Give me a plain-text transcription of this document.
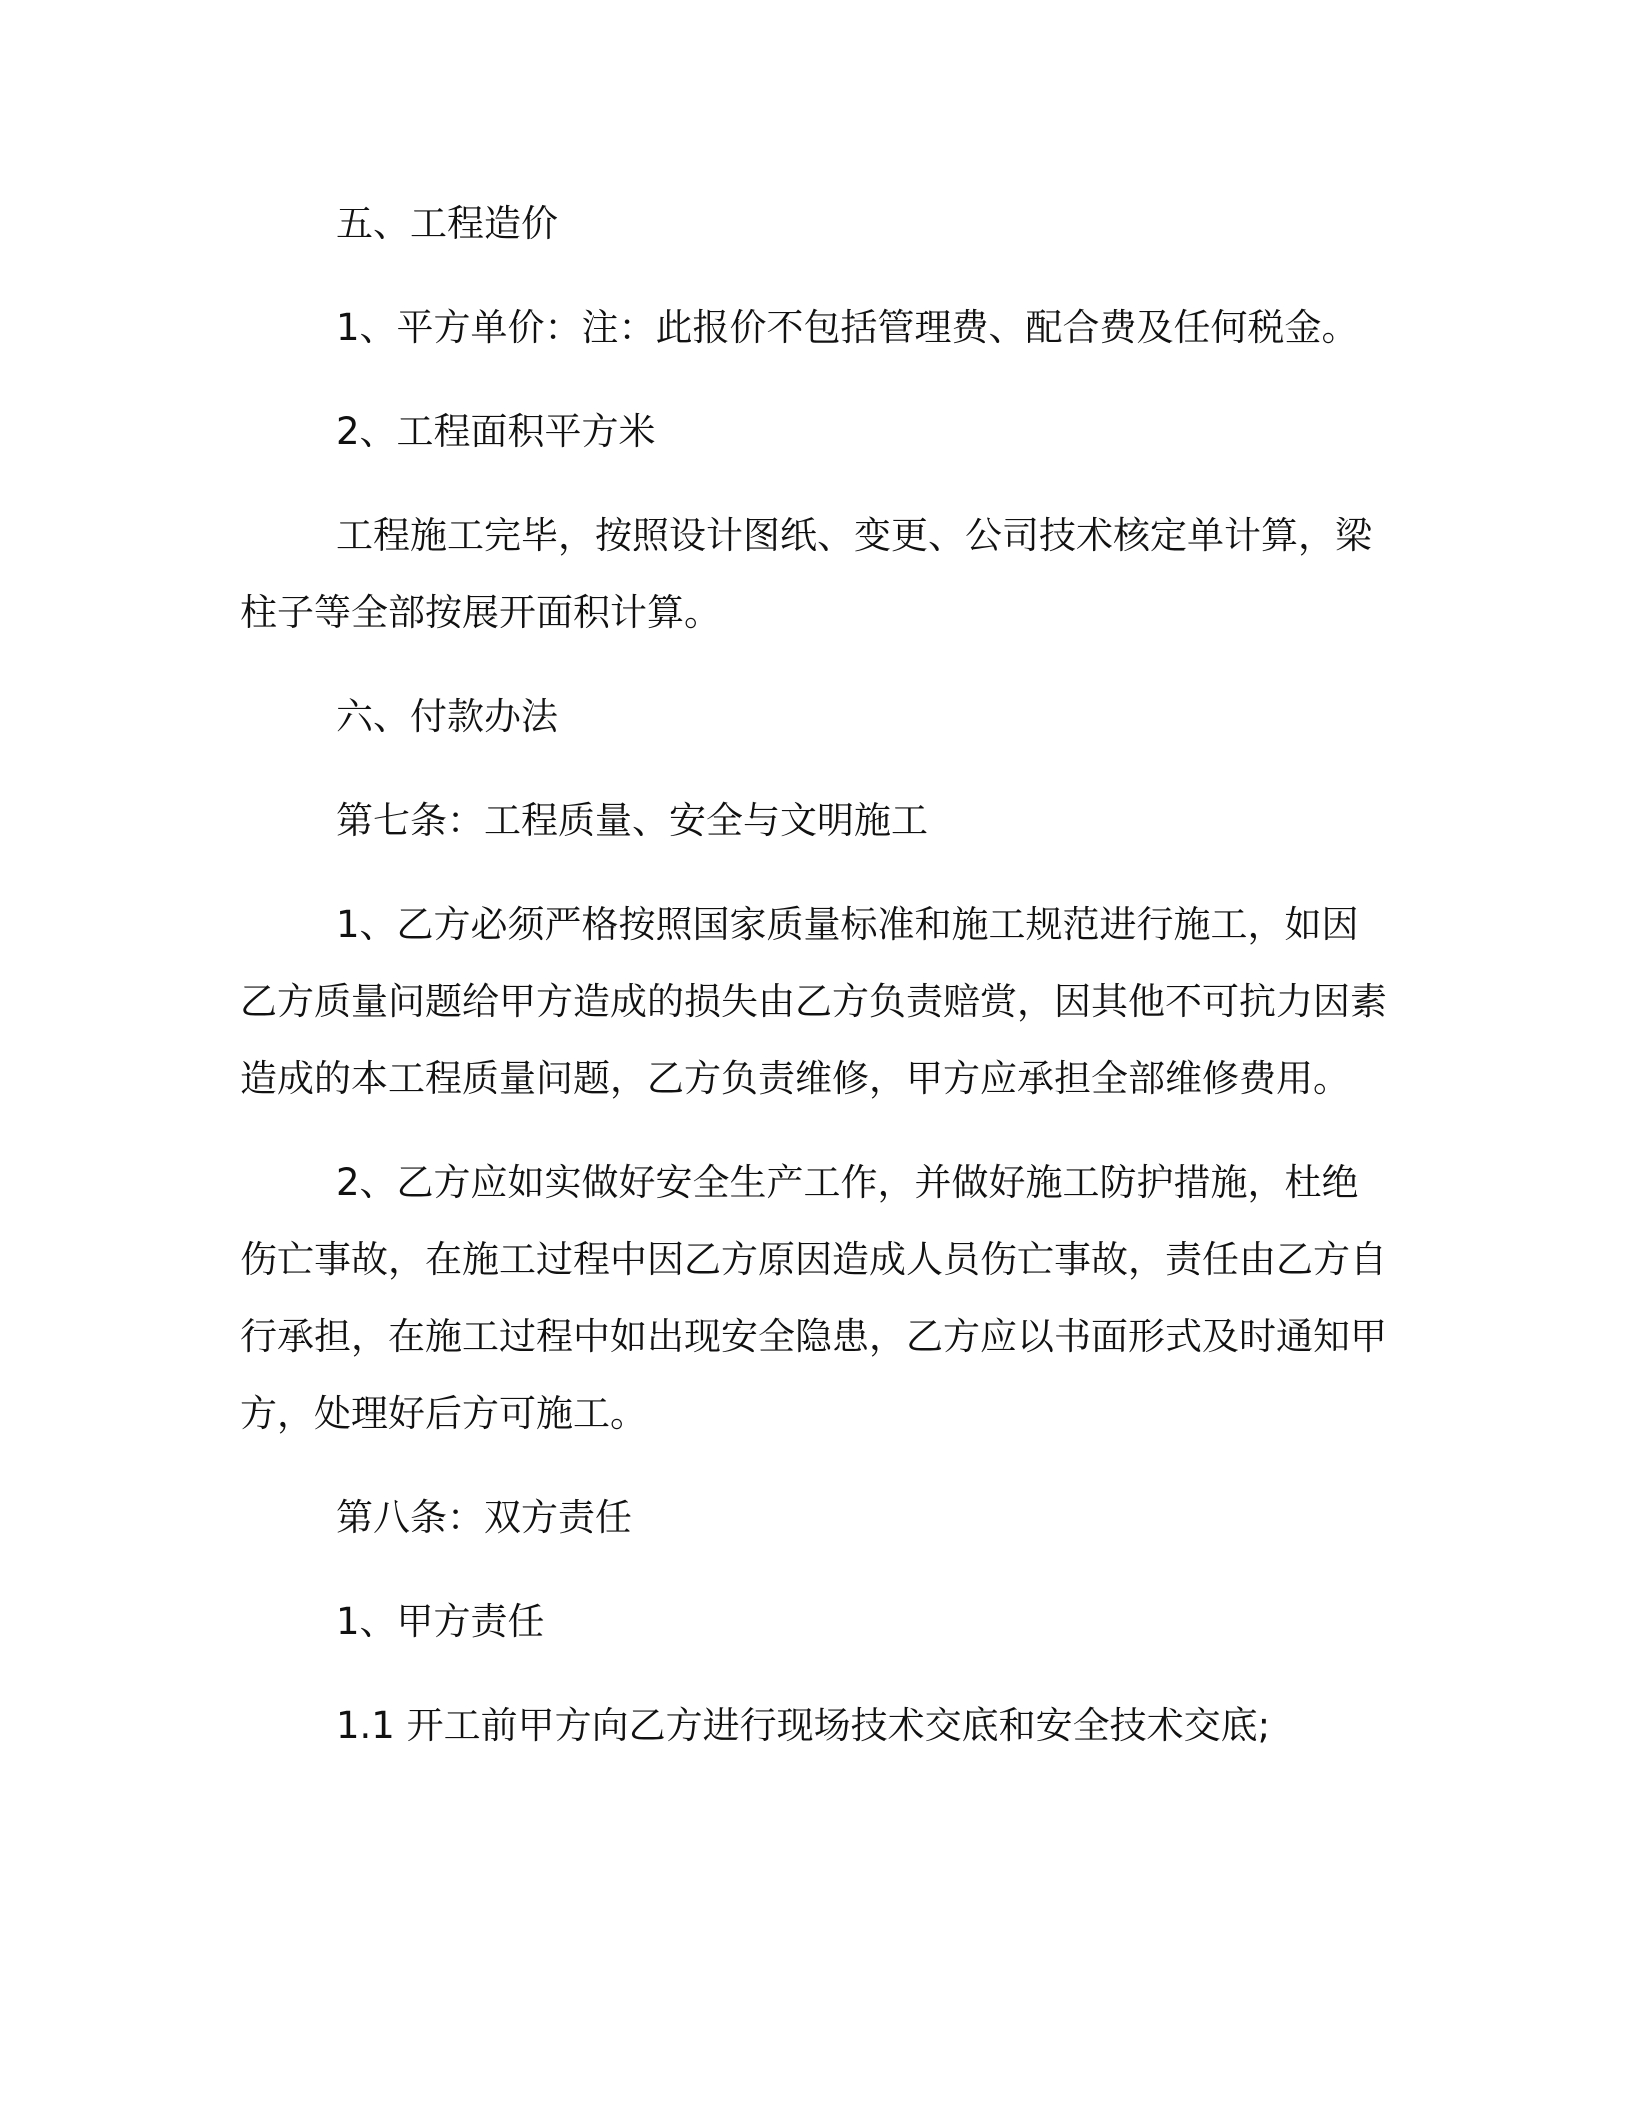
五、工程造价

1、平方单价：注：此报价不包括管理费、配合费及任何税金。

2、工程面积平方米

工程施工完毕，按照设计图纸、变更、公司技术核定单计算，梁柱子等全部按展开面积计算。

六、付款办法

第七条：工程质量、安全与文明施工

1、乙方必须严格按照国家质量标准和施工规范进行施工，如因乙方质量问题给甲方造成的损失由乙方负责赔赏，因其他不可抗力因素造成的本工程质量问题，乙方负责维修，甲方应承担全部维修费用。

2、乙方应如实做好安全生产工作，并做好施工防护措施，杜绝伤亡事故，在施工过程中因乙方原因造成人员伤亡事故，责任由乙方自行承担，在施工过程中如出现安全隐患，乙方应以书面形式及时通知甲方，处理好后方可施工。

第八条：双方责任

1、甲方责任

1.1 开工前甲方向乙方进行现场技术交底和安全技术交底;
